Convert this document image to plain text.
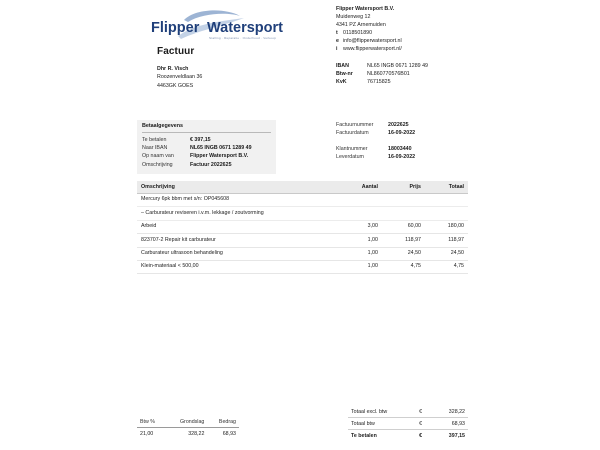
Flipper Watersport
Stalling · Reparatie · Onderhoud · Verkoop
Flipper Watersport B.V.
Muidenweg 12
4341 PZ Arnemuiden
t 0118501890
e info@flipperwatersport.nl
i	www.flipperwatersport.nl/
IBAN	NL65 INGB 0671 1289 49
Btw-nr	NL860770576B01
KvK	76715825
Factuur
Dhr R. Visch
Roozenveldlaan 36
4463GK GOES
Betaalgegevens
Te betalen	€ 397,15
Naar IBAN	NL65 INGB 0671 1289 49
Op naam van	Flipper Watersport B.V.
Omschrijving	Factuur 2022625
Factuurnummer	2022625
Factuurdatum	16-09-2022
Klantnummer	18003440
Leverdatum	16-09-2022
Omschrijving	Aantal	Prijs	Totaal
Mercury 6pk bbm met s/n: OP045608			
– Carburateur reviseren i.v.m. lekkage / zoutvorming			
Arbeid	3,00	60,00	180,00
823707-2 Repair kit carburateur	1,00	118,97	118,97
Carburateur ultrasoon behandeling	1,00	24,50	24,50
Klein-materiaal < 500,00	1,00	4,75	4,75
Btw %	Grondslag	Bedrag
21,00	328,22	68,93
Totaal excl. btw	€	328,22
Totaal btw	€	68,93
Te betalen	€	397,15
